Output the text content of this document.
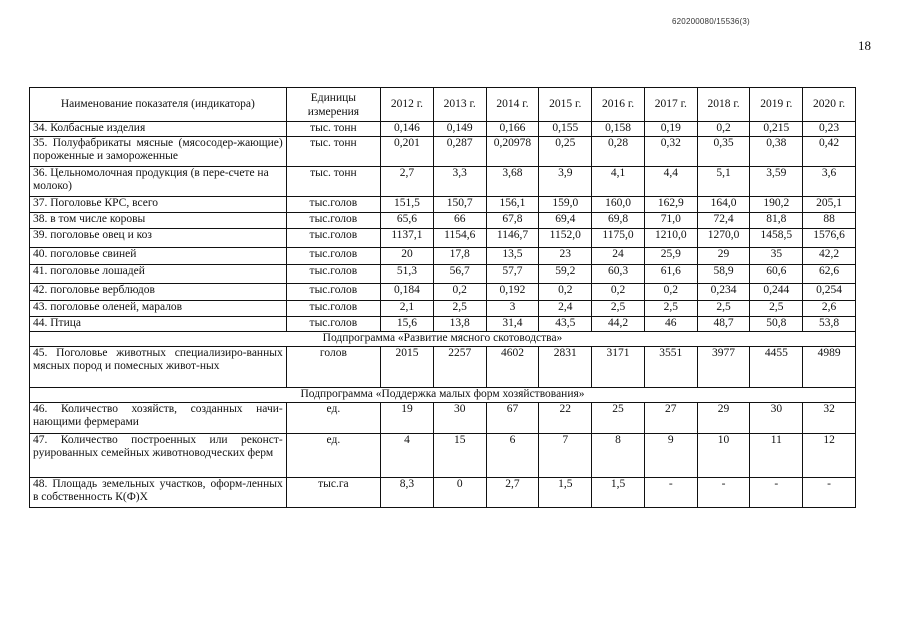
620200080/15536(3)
18
Наименование показателя (индикатора)	Единицы измерения	2012 г.	2013 г.	2014 г.	2015 г.	2016 г.	2017 г.	2018 г.	2019 г.	2020 г.
34. Колбасные изделия	тыс. тонн	0,146	0,149	0,166	0,155	0,158	0,19	0,2	0,215	0,23
35. Полуфабрикаты мясные (мясосодер-жающие) пороженные и замороженные	тыс. тонн	0,201	0,287	0,20978	0,25	0,28	0,32	0,35	0,38	0,42
36. Цельномолочная продукция (в пере-счете на молоко)	тыс. тонн	2,7	3,3	3,68	3,9	4,1	4,4	5,1	3,59	3,6
37. Поголовье КРС, всего	тыс.голов	151,5	150,7	156,1	159,0	160,0	162,9	164,0	190,2	205,1
38. в том числе коровы	тыс.голов	65,6	66	67,8	69,4	69,8	71,0	72,4	81,8	88
39. поголовье овец и коз	тыс.голов	1137,1	1154,6	1146,7	1152,0	1175,0	1210,0	1270,0	1458,5	1576,6
40. поголовье свиней	тыс.голов	20	17,8	13,5	23	24	25,9	29	35	42,2
41. поголовье лошадей	тыс.голов	51,3	56,7	57,7	59,2	60,3	61,6	58,9	60,6	62,6
42. поголовье верблюдов	тыс.голов	0,184	0,2	0,192	0,2	0,2	0,2	0,234	0,244	0,254
43. поголовье оленей, маралов	тыс.голов	2,1	2,5	3	2,4	2,5	2,5	2,5	2,5	2,6
44. Птица	тыс.голов	15,6	13,8	31,4	43,5	44,2	46	48,7	50,8	53,8
Подпрограмма «Развитие мясного скотоводства»										
45. Поголовье животных специализиро-ванных мясных пород и помесных живот-ных	голов	2015	2257	4602	2831	3171	3551	3977	4455	4989
Подпрограмма «Поддержка малых форм хозяйствования»										
46. Количество хозяйств, созданных начи-нающими фермерами	ед.	19	30	67	22	25	27	29	30	32
47. Количество построенных или реконст-руированных семейных животноводческих ферм	ед.	4	15	6	7	8	9	10	11	12
48. Площадь земельных участков, оформ-ленных в собственность К(Ф)Х	тыс.га	8,3	0	2,7	1,5	1,5	-	-	-	-
